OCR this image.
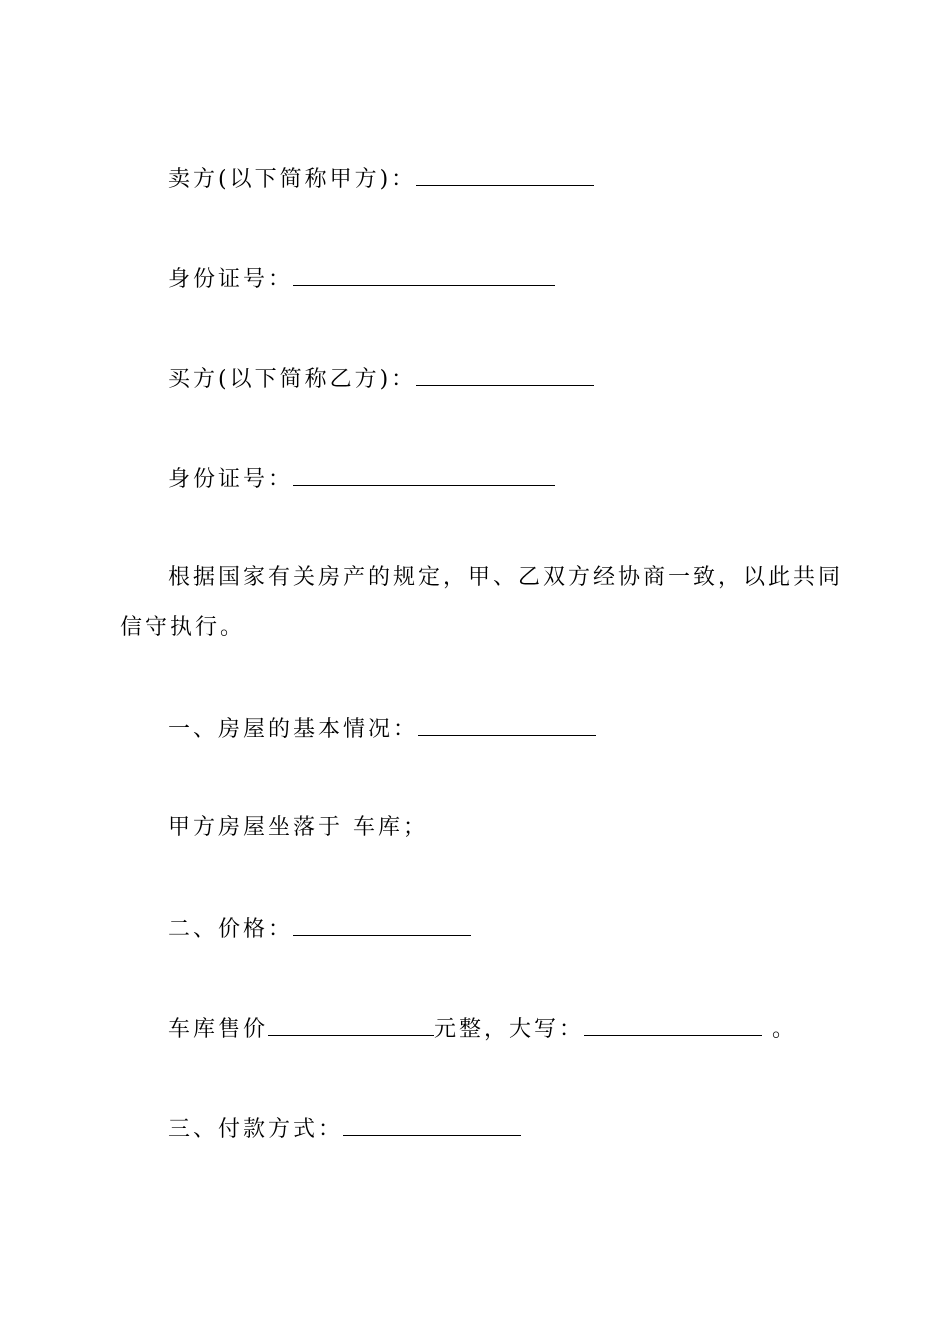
卖方(以下简称甲方)：
身份证号：
买方(以下简称乙方)：
身份证号：
根据国家有关房产的规定，甲、乙双方经协商一致，以此共同
信守执行。
一、房屋的基本情况：
甲方房屋坐落于 车库；
二、价格：
车库售价	元整，大写：	。
三、付款方式：
